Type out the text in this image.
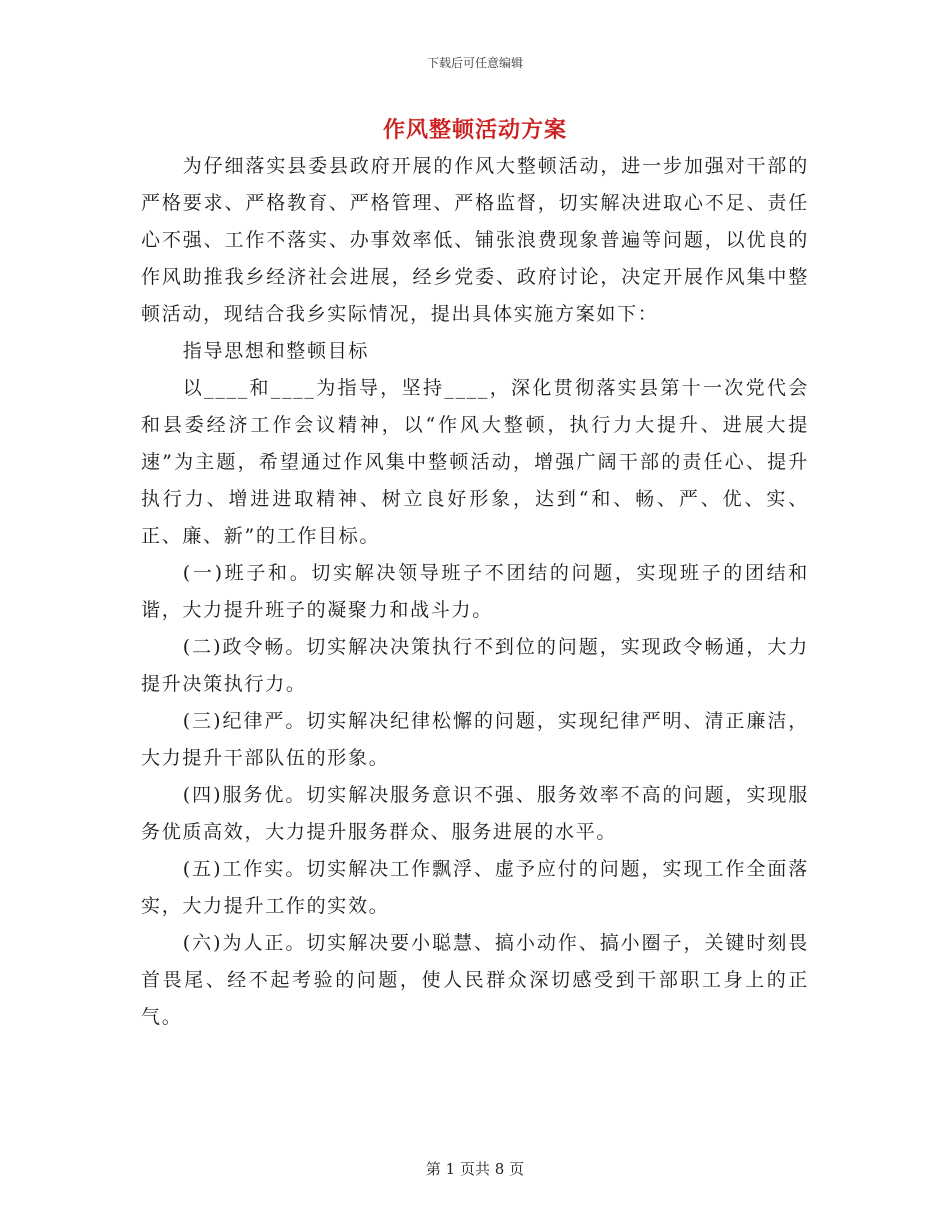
下载后可任意编辑
作风整顿活动方案

为仔细落实县委县政府开展的作风大整顿活动，进一步加强对干部的严格要求、严格教育、严格管理、严格监督，切实解决进取心不足、责任心不强、工作不落实、办事效率低、铺张浪费现象普遍等问题，以优良的作风助推我乡经济社会进展，经乡党委、政府讨论，决定开展作风集中整顿活动，现结合我乡实际情况，提出具体实施方案如下：

指导思想和整顿目标

以____和____为指导，坚持____，深化贯彻落实县第十一次党代会和县委经济工作会议精神，以“作风大整顿，执行力大提升、进展大提速”为主题，希望通过作风集中整顿活动，增强广阔干部的责任心、提升执行力、增进进取精神、树立良好形象，达到“和、畅、严、优、实、正、廉、新”的工作目标。

(一)班子和。切实解决领导班子不团结的问题，实现班子的团结和谐，大力提升班子的凝聚力和战斗力。

(二)政令畅。切实解决决策执行不到位的问题，实现政令畅通，大力提升决策执行力。

(三)纪律严。切实解决纪律松懈的问题，实现纪律严明、清正廉洁，大力提升干部队伍的形象。

(四)服务优。切实解决服务意识不强、服务效率不高的问题，实现服务优质高效，大力提升服务群众、服务进展的水平。

(五)工作实。切实解决工作飘浮、虚予应付的问题，实现工作全面落实，大力提升工作的实效。

(六)为人正。切实解决要小聪慧、搞小动作、搞小圈子，关键时刻畏首畏尾、经不起考验的问题，使人民群众深切感受到干部职工身上的正气。

第 1 页共 8 页
